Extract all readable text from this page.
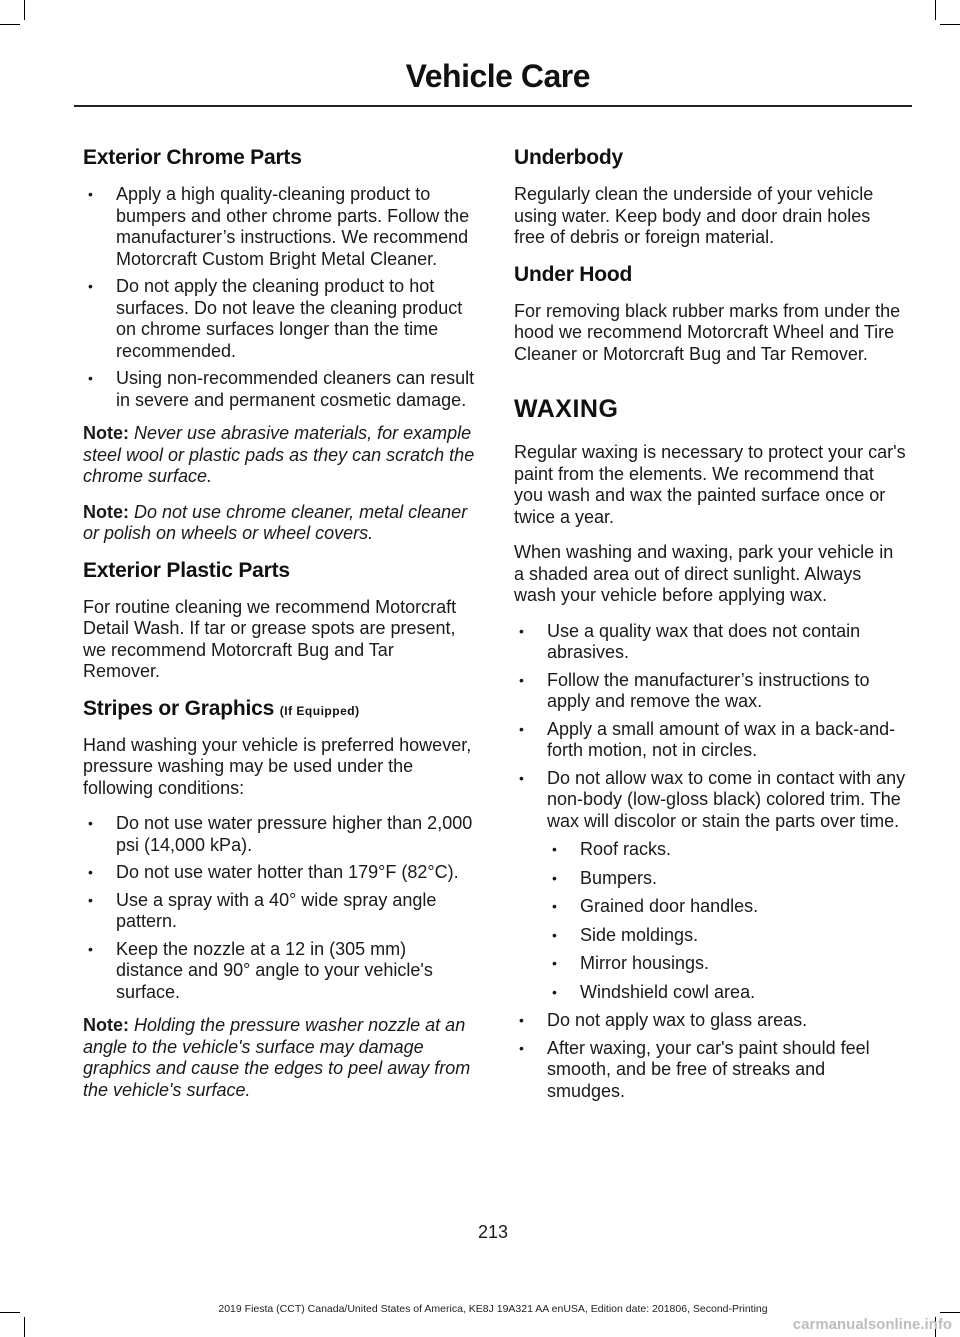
Vehicle Care
Exterior Chrome Parts
• Apply a high quality-cleaning product to bumpers and other chrome parts. Follow the manufacturer’s instructions. We recommend Motorcraft Custom Bright Metal Cleaner.
• Do not apply the cleaning product to hot surfaces. Do not leave the cleaning product on chrome surfaces longer than the time recommended.
• Using non-recommended cleaners can result in severe and permanent cosmetic damage.

Note: Never use abrasive materials, for example steel wool or plastic pads as they can scratch the chrome surface.

Note: Do not use chrome cleaner, metal cleaner or polish on wheels or wheel covers.

Exterior Plastic Parts

For routine cleaning we recommend Motorcraft Detail Wash. If tar or grease spots are present, we recommend Motorcraft Bug and Tar Remover.

Stripes or Graphics (If Equipped)

Hand washing your vehicle is preferred however, pressure washing may be used under the following conditions:

• Do not use water pressure higher than 2,000 psi (14,000 kPa).
• Do not use water hotter than 179°F (82°C).
• Use a spray with a 40° wide spray angle pattern.
• Keep the nozzle at a 12 in (305 mm) distance and 90° angle to your vehicle's surface.

Note: Holding the pressure washer nozzle at an angle to the vehicle's surface may damage graphics and cause the edges to peel away from the vehicle's surface.

Underbody

Regularly clean the underside of your vehicle using water. Keep body and door drain holes free of debris or foreign material.

Under Hood

For removing black rubber marks from under the hood we recommend Motorcraft Wheel and Tire Cleaner or Motorcraft Bug and Tar Remover.

WAXING

Regular waxing is necessary to protect your car's paint from the elements. We recommend that you wash and wax the painted surface once or twice a year.

When washing and waxing, park your vehicle in a shaded area out of direct sunlight. Always wash your vehicle before applying wax.

• Use a quality wax that does not contain abrasives.
• Follow the manufacturer’s instructions to apply and remove the wax.
• Apply a small amount of wax in a back-and-forth motion, not in circles.
• Do not allow wax to come in contact with any non-body (low-gloss black) colored trim. The wax will discolor or stain the parts over time.
• Roof racks.
• Bumpers.
• Grained door handles.
• Side moldings.
• Mirror housings.
• Windshield cowl area.
• Do not apply wax to glass areas.
• After waxing, your car's paint should feel smooth, and be free of streaks and smudges.
213
2019 Fiesta (CCT) Canada/United States of America, KE8J 19A321 AA enUSA, Edition date: 201806, Second-Printing
carmanualsonline.info
